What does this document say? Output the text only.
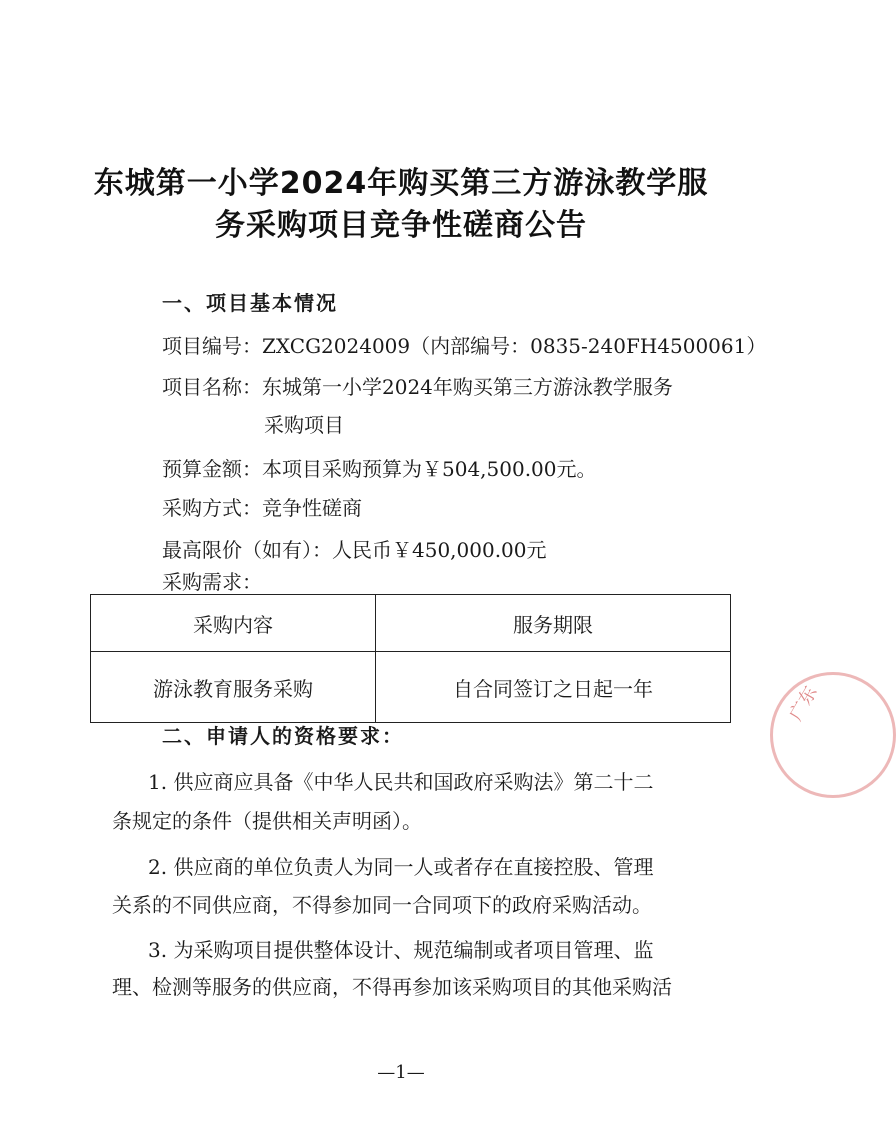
东城第一小学2024年购买第三方游泳教学服
务采购项目竞争性磋商公告
一、项目基本情况
项目编号：ZXCG2024009（内部编号：0835-240FH4500061）
项目名称：东城第一小学2024年购买第三方游泳教学服务
采购项目
预算金额：本项目采购预算为￥504,500.00元。
采购方式：竞争性磋商
最高限价（如有）：人民币￥450,000.00元
采购需求：
采购内容	服务期限
游泳教育服务采购	自合同签订之日起一年
二、申请人的资格要求：
1. 供应商应具备《中华人民共和国政府采购法》第二十二
条规定的条件（提供相关声明函）。
2. 供应商的单位负责人为同一人或者存在直接控股、管理
关系的不同供应商，不得参加同一合同项下的政府采购活动。
3. 为采购项目提供整体设计、规范编制或者项目管理、监
理、检测等服务的供应商，不得再参加该采购项目的其他采购活
广东
—1—
